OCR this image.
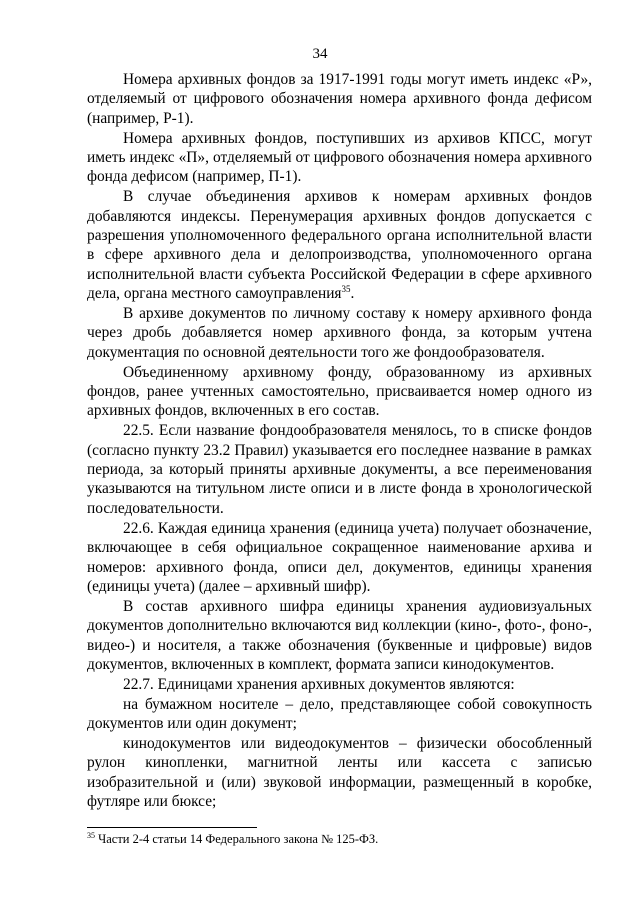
34

Номера архивных фондов за 1917-1991 годы могут иметь индекс «Р», отделяемый от цифрового обозначения номера архивного фонда дефисом (например, Р-1).

Номера архивных фондов, поступивших из архивов КПСС, могут иметь индекс «П», отделяемый от цифрового обозначения номера архивного фонда дефисом (например, П-1).

В случае объединения архивов к номерам архивных фондов добавляются индексы. Перенумерация архивных фондов допускается с разрешения уполномоченного федерального органа исполнительной власти в сфере архивного дела и делопроизводства, уполномоченного органа исполнительной власти субъекта Российской Федерации в сфере архивного дела, органа местного самоуправления$^{35}$.

В архиве документов по личному составу к номеру архивного фонда через дробь добавляется номер архивного фонда, за которым учтена документация по основной деятельности того же фондообразователя.

Объединенному архивному фонду, образованному из архивных фондов, ранее учтенных самостоятельно, присваивается номер одного из архивных фондов, включенных в его состав.

22.5. Если название фондообразователя менялось, то в списке фондов (согласно пункту 23.2 Правил) указывается его последнее название в рамках периода, за который приняты архивные документы, а все переименования указываются на титульном листе описи и в листе фонда в хронологической последовательности.

22.6. Каждая единица хранения (единица учета) получает обозначение, включающее в себя официальное сокращенное наименование архива и номеров: архивного фонда, описи дел, документов, единицы хранения (единицы учета) (далее – архивный шифр).

В состав архивного шифра единицы хранения аудиовизуальных документов дополнительно включаются вид коллекции (кино-, фото-, фоно-, видео-) и носителя, а также обозначения (буквенные и цифровые) видов документов, включенных в комплект, формата записи кинодокументов.

22.7. Единицами хранения архивных документов являются:

на бумажном носителе – дело, представляющее собой совокупность документов или один документ;

кинодокументов или видеодокументов – физически обособленный рулон кинопленки, магнитной ленты или кассета с записью изобразительной и (или) звуковой информации, размещенный в коробке, футляре или бюксе;

$^{35}$ Части 2-4 статьи 14 Федерального закона № 125-ФЗ.
